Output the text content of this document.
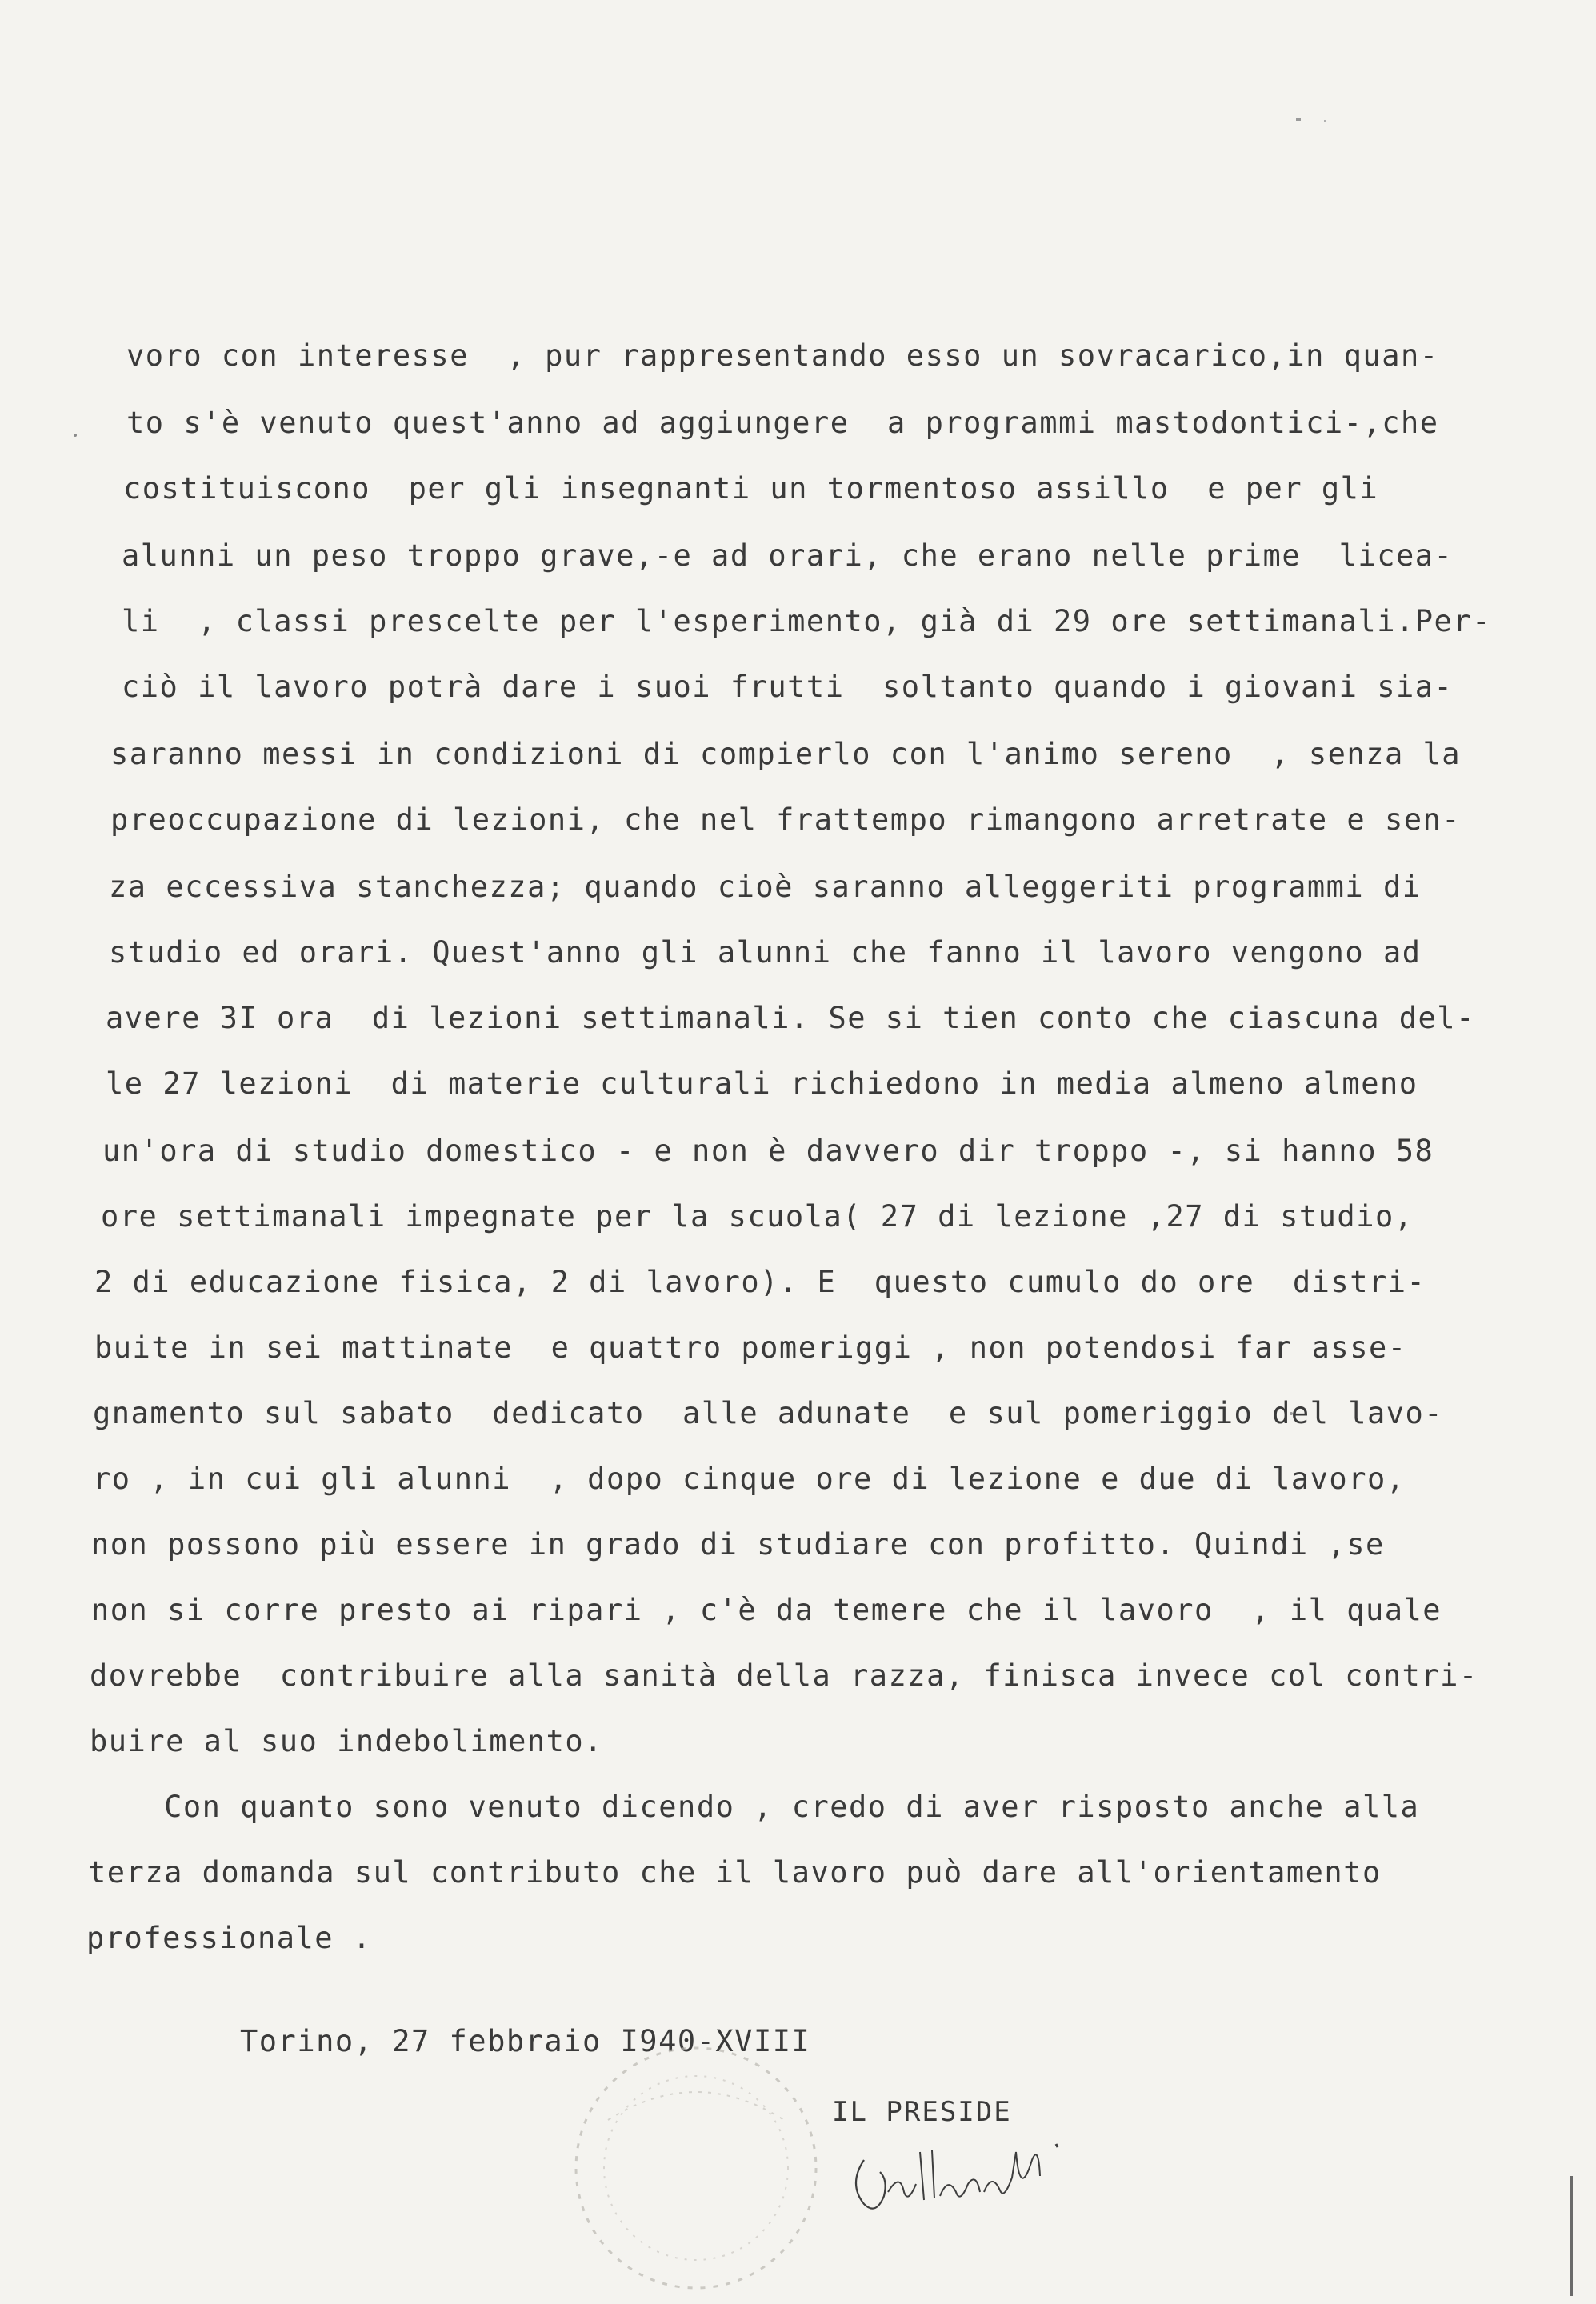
voro con interesse  , pur rappresentando esso un sovracarico,in quan-
to s'è venuto quest'anno ad aggiungere  a programmi mastodontici-,che
costituiscono  per gli insegnanti un tormentoso assillo  e per gli
alunni un peso troppo grave,-e ad orari, che erano nelle prime  licea-
li  , classi prescelte per l'esperimento, già di 29 ore settimanali.Per-
ciò il lavoro potrà dare i suoi frutti  soltanto quando i giovani sia-
saranno messi in condizioni di compierlo con l'animo sereno  , senza la
preoccupazione di lezioni, che nel frattempo rimangono arretrate e sen-
za eccessiva stanchezza; quando cioè saranno alleggeriti programmi di
studio ed orari. Quest'anno gli alunni che fanno il lavoro vengono ad
avere 3I ora  di lezioni settimanali. Se si tien conto che ciascuna del-
le 27 lezioni  di materie culturali richiedono in media almeno almeno
un'ora di studio domestico - e non è davvero dir troppo -, si hanno 58
ore settimanali impegnate per la scuola( 27 di lezione ,27 di studio,
2 di educazione fisica, 2 di lavoro). E  questo cumulo do ore  distri-
buite in sei mattinate  e quattro pomeriggi , non potendosi far asse-
gnamento sul sabato  dedicato  alle adunate  e sul pomeriggio del lavo-
ro , in cui gli alunni  , dopo cinque ore di lezione e due di lavoro,
non possono più essere in grado di studiare con profitto. Quindi ,se
non si corre presto ai ripari , c'è da temere che il lavoro  , il quale
dovrebbe  contribuire alla sanità della razza, finisca invece col contri-
buire al suo indebolimento.
Con quanto sono venuto dicendo , credo di aver risposto anche alla
terza domanda sul contributo che il lavoro può dare all'orientamento
professionale .
Torino, 27 febbraio I940-XVIII
IL PRESIDE
